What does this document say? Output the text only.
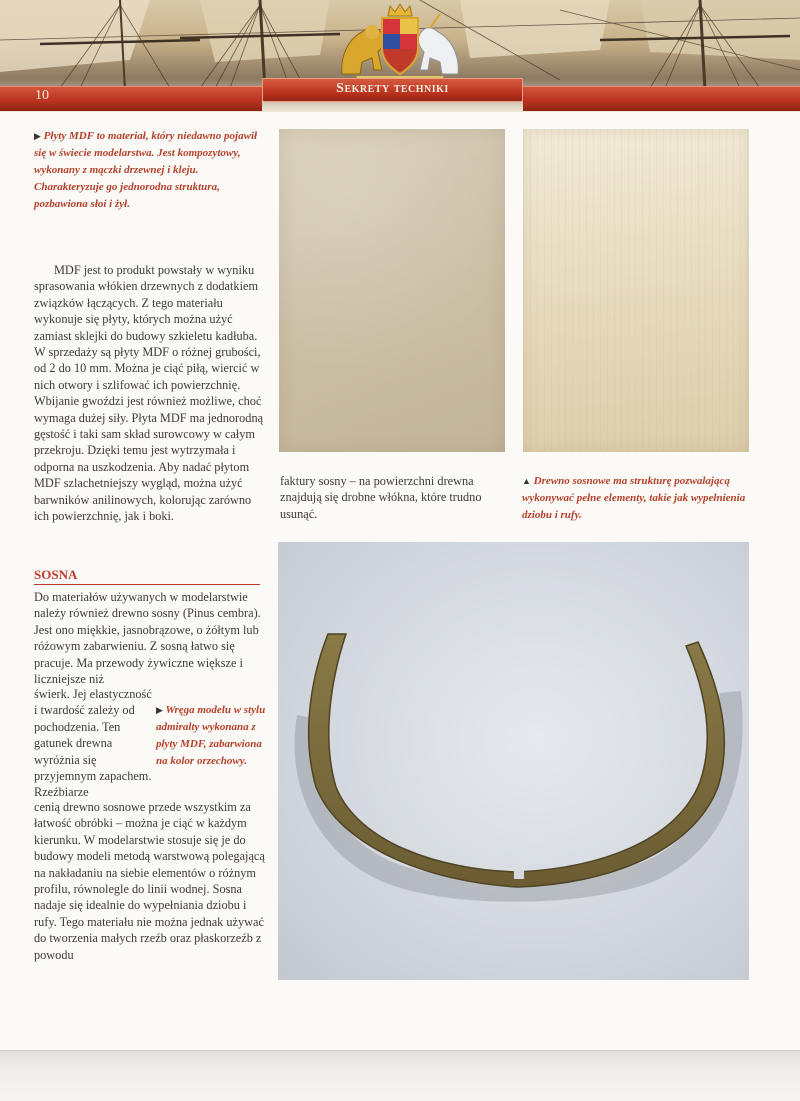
Sekrety techniki
10
▶ Płyty MDF to materiał, który niedawno pojawił się w świecie modelarstwa. Jest kompozytowy, wykonany z mączki drzewnej i kleju. Charakteryzuje go jednorodna struktura, pozbawiona słoi i żył.

MDF jest to produkt powstały w wyniku sprasowania włókien drzewnych z dodatkiem związków łączących. Z tego materiału wykonuje się płyty, których można użyć zamiast sklejki do budowy szkieletu kadłuba. W sprzedaży są płyty MDF o różnej grubości, od 2 do 10 mm. Można je ciąć piłą, wiercić w nich otwory i szlifować ich powierzchnię. Wbijanie gwoździ jest również możliwe, choć wymaga dużej siły. Płyta MDF ma jednorodną gęstość i taki sam skład surowcowy w całym przekroju. Dzięki temu jest wytrzymała i odporna na uszkodzenia. Aby nadać płytom MDF szlachetniejszy wygląd, można użyć barwników anilinowych, kolorując zarówno ich powierzchnię, jak i boki.

SOSNA
Do materiałów używanych w modelarstwie należy również drewno sosny (Pinus cembra). Jest ono miękkie, jasnobrązowe, o żółtym lub różowym zabarwieniu. Z sosną łatwo się pracuje. Ma przewody żywiczne większe i liczniejsze niż
świerk. Jej elastyczność i twardość zależy od pochodzenia. Ten gatunek drewna wyróżnia się przyjemnym zapachem. Rzeźbiarze
▶ Wręga modelu w stylu admiralty wykonana z płyty MDF, zabarwiona na kolor orzechowy.
cenią drewno sosnowe przede wszystkim za łatwość obróbki – można je ciąć w każdym kierunku. W modelarstwie stosuje się je do budowy modeli metodą warstwową polegającą na nakładaniu na siebie elementów o różnym profilu, równolegle do linii wodnej. Sosna nadaje się idealnie do wypełniania dziobu i rufy. Tego materiału nie można jednak używać do tworzenia małych rzeźb oraz płaskorzeźb z powodu
faktury sosny – na powierzchni drewna znajdują się drobne włókna, które trudno usunąć.
▲ Drewno sosnowe ma strukturę pozwalającą wykonywać pełne elementy, takie jak wypełnienia dziobu i rufy.
